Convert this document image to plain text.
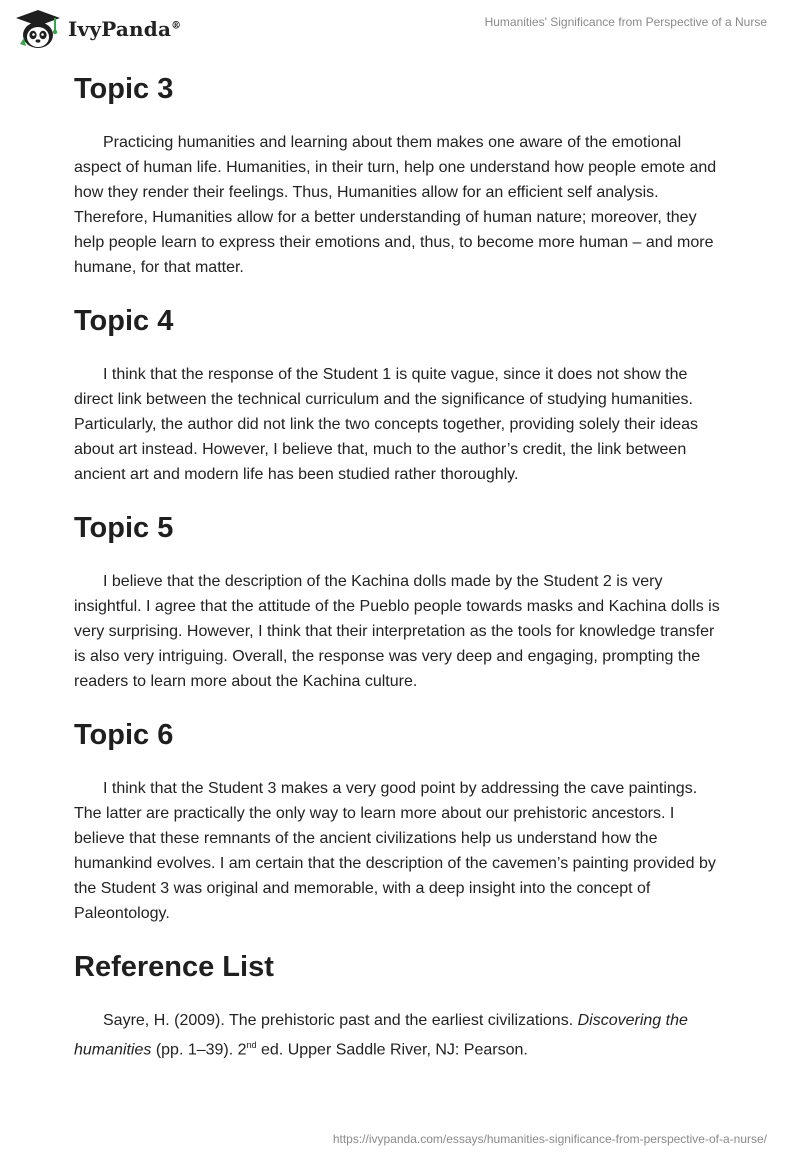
IvyPanda®	Humanities' Significance from Perspective of a Nurse
Topic 3

Practicing humanities and learning about them makes one aware of the emotional aspect of human life. Humanities, in their turn, help one understand how people emote and how they render their feelings. Thus, Humanities allow for an efficient self analysis. Therefore, Humanities allow for a better understanding of human nature; moreover, they help people learn to express their emotions and, thus, to become more human – and more humane, for that matter.

Topic 4

I think that the response of the Student 1 is quite vague, since it does not show the direct link between the technical curriculum and the significance of studying humanities. Particularly, the author did not link the two concepts together, providing solely their ideas about art instead. However, I believe that, much to the author’s credit, the link between ancient art and modern life has been studied rather thoroughly.

Topic 5

I believe that the description of the Kachina dolls made by the Student 2 is very insightful. I agree that the attitude of the Pueblo people towards masks and Kachina dolls is very surprising. However, I think that their interpretation as the tools for knowledge transfer is also very intriguing. Overall, the response was very deep and engaging, prompting the readers to learn more about the Kachina culture.

Topic 6

I think that the Student 3 makes a very good point by addressing the cave paintings. The latter are practically the only way to learn more about our prehistoric ancestors. I believe that these remnants of the ancient civilizations help us understand how the humankind evolves. I am certain that the description of the cavemen’s painting provided by the Student 3 was original and memorable, with a deep insight into the concept of Paleontology.

Reference List

Sayre, H. (2009). The prehistoric past and the earliest civilizations. Discovering the humanities (pp. 1–39). 2nd ed. Upper Saddle River, NJ: Pearson.

https://ivypanda.com/essays/humanities-significance-from-perspective-of-a-nurse/
